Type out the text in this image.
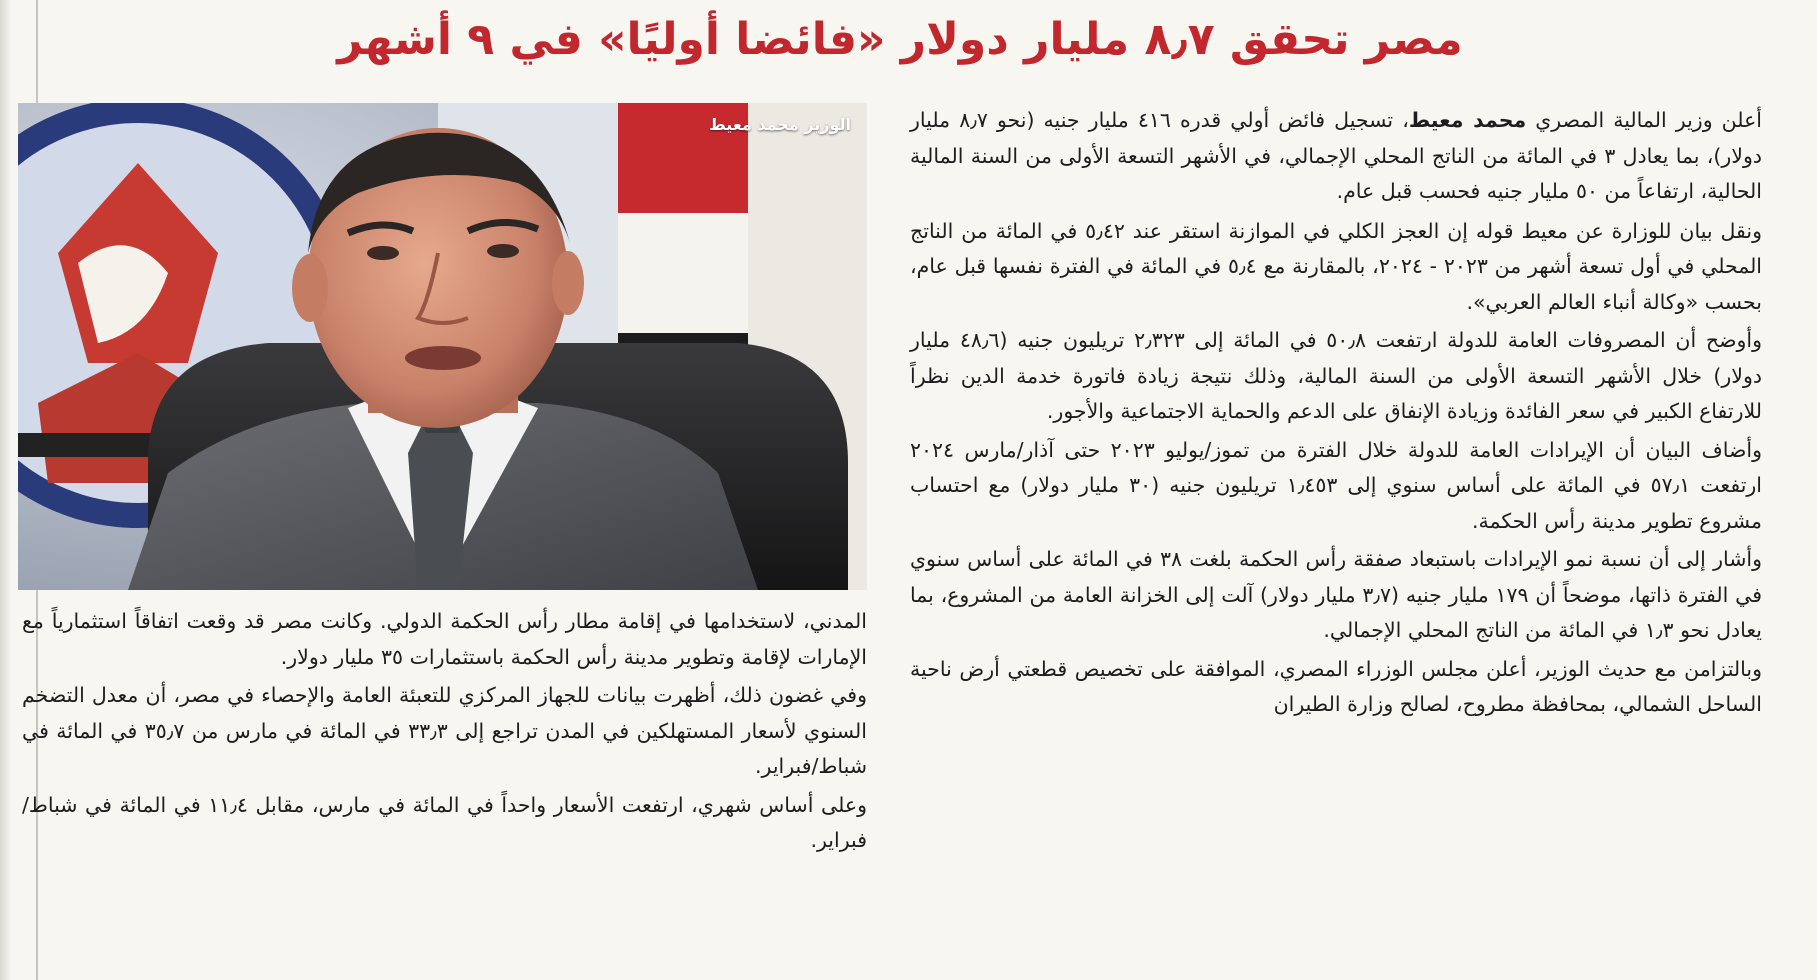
مصر تحقق ٨٫٧ مليار دولار «فائضا أوليًا» في ٩ أشهر
الوزير محمد معيط	أعلن وزير المالية المصري محمد معيط، تسجيل فائض أولي قدره ٤١٦ مليار جنيه (نحو ٨٫٧ مليار دولار)، بما يعادل ٣ في المائة من الناتج المحلي الإجمالي، في الأشهر التسعة الأولى من السنة المالية الحالية، ارتفاعاً من ٥٠ مليار جنيه فحسب قبل عام.

ونقل بيان للوزارة عن معيط قوله إن العجز الكلي في الموازنة استقر عند ٥٫٤٢ في المائة من الناتج المحلي في أول تسعة أشهر من ٢٠٢٣ - ٢٠٢٤، بالمقارنة مع ٥٫٤ في المائة في الفترة نفسها قبل عام، بحسب «وكالة أنباء العالم العربي».

وأوضح أن المصروفات العامة للدولة ارتفعت ٥٠٫٨ في المائة إلى ٢٫٣٢٣ تريليون جنيه (٤٨٫٦ مليار دولار) خلال الأشهر التسعة الأولى من السنة المالية، وذلك نتيجة زيادة فاتورة خدمة الدين نظراً للارتفاع الكبير في سعر الفائدة وزيادة الإنفاق على الدعم والحماية الاجتماعية والأجور.

وأضاف البيان أن الإيرادات العامة للدولة خلال الفترة من تموز/يوليو ٢٠٢٣ حتى آذار/مارس ٢٠٢٤ ارتفعت ٥٧٫١ في المائة على أساس سنوي إلى ١٫٤٥٣ تريليون جنيه (٣٠ مليار دولار) مع احتساب مشروع تطوير مدينة رأس الحكمة.

وأشار إلى أن نسبة نمو الإيرادات باستبعاد صفقة رأس الحكمة بلغت ٣٨ في المائة على أساس سنوي في الفترة ذاتها، موضحاً أن ١٧٩ مليار جنيه (٣٫٧ مليار دولار) آلت إلى الخزانة العامة من المشروع، بما يعادل نحو ١٫٣ في المائة من الناتج المحلي الإجمالي.

وبالتزامن مع حديث الوزير، أعلن مجلس الوزراء المصري، الموافقة على تخصيص قطعتي أرض ناحية الساحل الشمالي، بمحافظة مطروح، لصالح وزارة الطيران

المدني، لاستخدامها في إقامة مطار رأس الحكمة الدولي. وكانت مصر قد وقعت اتفاقاً استثمارياً مع الإمارات لإقامة وتطوير مدينة رأس الحكمة باستثمارات ٣٥ مليار دولار.

وفي غضون ذلك، أظهرت بيانات للجهاز المركزي للتعبئة العامة والإحصاء في مصر، أن معدل التضخم السنوي لأسعار المستهلكين في المدن تراجع إلى ٣٣٫٣ في المائة في مارس من ٣٥٫٧ في المائة في شباط/فبراير.

وعلى أساس شهري، ارتفعت الأسعار واحداً في المائة في مارس، مقابل ١١٫٤ في المائة في شباط/فبراير.
